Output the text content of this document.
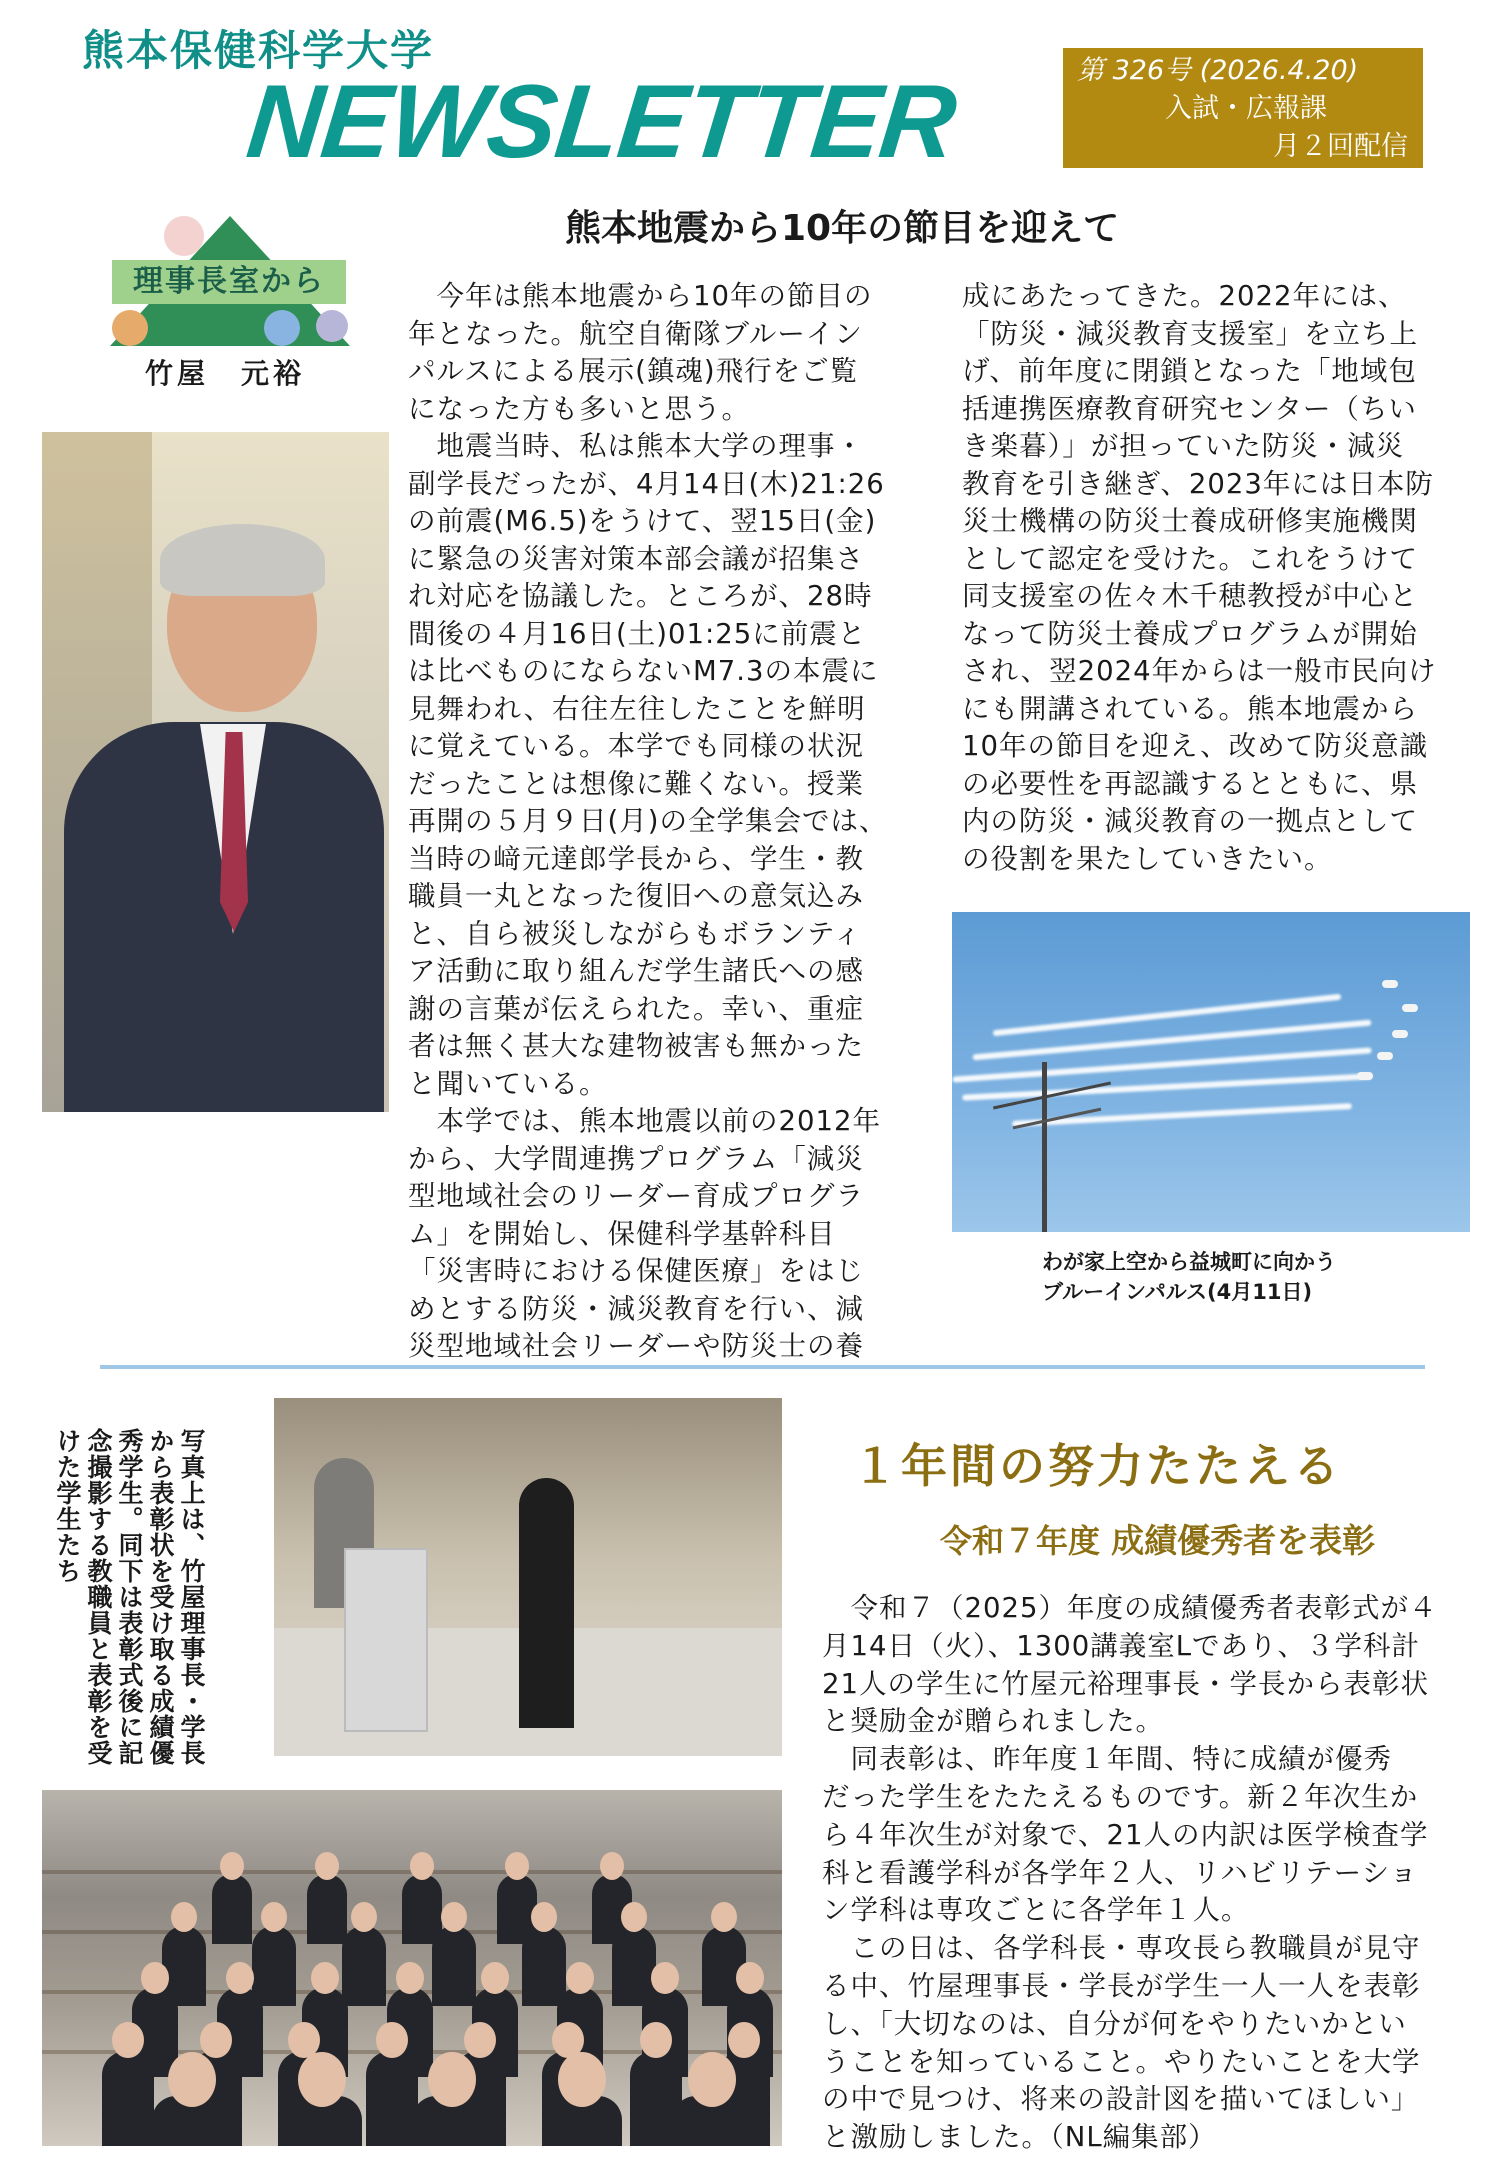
熊本保健科学大学
NEWSLETTER	第 326号 (2026.4.20)
入試・広報課
月２回配信
理事長室から
竹屋　元裕
熊本地震から10年の節目を迎えて
　今年は熊本地震から10年の節目の
年となった。航空自衛隊ブルーイン
パルスによる展示(鎮魂)飛行をご覧
になった方も多いと思う。
　地震当時、私は熊本大学の理事・
副学長だったが、4月14日(木)21:26
の前震(M6.5)をうけて、翌15日(金)
に緊急の災害対策本部会議が招集さ
れ対応を協議した。ところが、28時
間後の４月16日(土)01:25に前震と
は比べものにならないM7.3の本震に
見舞われ、右往左往したことを鮮明
に覚えている。本学でも同様の状況
だったことは想像に難くない。授業
再開の５月９日(月)の全学集会では、
当時の﨑元達郎学長から、学生・教
職員一丸となった復旧への意気込み
と、自ら被災しながらもボランティ
ア活動に取り組んだ学生諸氏への感
謝の言葉が伝えられた。幸い、重症
者は無く甚大な建物被害も無かった
と聞いている。
　本学では、熊本地震以前の2012年
から、大学間連携プログラム「減災
型地域社会のリーダー育成プログラ
ム」を開始し、保健科学基幹科目
「災害時における保健医療」をはじ
めとする防災・減災教育を行い、減
災型地域社会リーダーや防災士の養
成にあたってきた。2022年には、
「防災・減災教育支援室」を立ち上
げ、前年度に閉鎖となった「地域包
括連携医療教育研究センター（ちい
き楽暮）」が担っていた防災・減災
教育を引き継ぎ、2023年には日本防
災士機構の防災士養成研修実施機関
として認定を受けた。これをうけて
同支援室の佐々木千穂教授が中心と
なって防災士養成プログラムが開始
され、翌2024年からは一般市民向け
にも開講されている。熊本地震から
10年の節目を迎え、改めて防災意識
の必要性を再認識するとともに、県
内の防災・減災教育の一拠点として
の役割を果たしていきたい。
わが家上空から益城町に向かう
ブルーインパルス(4月11日)
写真上は、竹屋理事長・学長
から表彰状を受け取る成績優
秀学生。同下は表彰式後に記
念撮影する教職員と表彰を受
けた学生たち	１年間の努力たたえる
令和７年度 成績優秀者を表彰
　令和７（2025）年度の成績優秀者表彰式が４
月14日（火）、1300講義室Lであり、３学科計
21人の学生に竹屋元裕理事長・学長から表彰状
と奨励金が贈られました。
　同表彰は、昨年度１年間、特に成績が優秀
だった学生をたたえるものです。新２年次生か
ら４年次生が対象で、21人の内訳は医学検査学
科と看護学科が各学年２人、リハビリテーショ
ン学科は専攻ごとに各学年１人。
　この日は、各学科長・専攻長ら教職員が見守
る中、竹屋理事長・学長が学生一人一人を表彰
し、「大切なのは、自分が何をやりたいかとい
うことを知っていること。やりたいことを大学
の中で見つけ、将来の設計図を描いてほしい」
と激励しました。（NL編集部）
